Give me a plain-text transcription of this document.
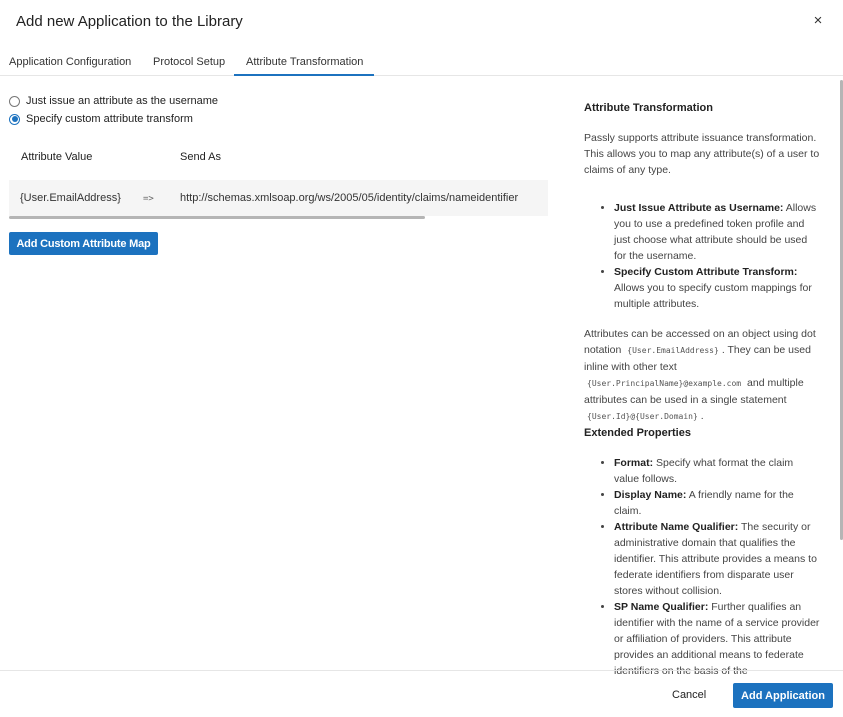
Add new Application to the Library	×
Application Configuration Protocol Setup Attribute Transformation
Just issue an attribute as the username
Specify custom attribute transform
Attribute Value	Send As
{User.EmailAddress} => http://schemas.xmlsoap.org/ws/2005/05/identity/claims/nameidentifier
Add Custom Attribute Map
Attribute Transformation

Passly supports attribute issuance transformation. This allows you to map any attribute(s) of a user to claims of any type.

• Just Issue Attribute as Username: Allows you to use a predefined token profile and just choose what attribute should be used for the username.
• Specify Custom Attribute Transform: Allows you to specify custom mappings for multiple attributes.

Attributes can be accessed on an object using dot notation {User.EmailAddress} . They can be used inline with other text {User.PrincipalName}@example.com and multiple attributes can be used in a single statement {User.Id}@{User.Domain} .

Extended Properties
• Format: Specify what format the claim value follows.
• Display Name: A friendly name for the claim.
• Attribute Name Qualifier: The security or administrative domain that qualifies the identifier. This attribute provides a means to federate identifiers from disparate user stores without collision.
• SP Name Qualifier: Further qualifies an identifier with the name of a service provider or affiliation of providers. This attribute provides an additional means to federate identifiers on the basis of the
Cancel	Add Application
